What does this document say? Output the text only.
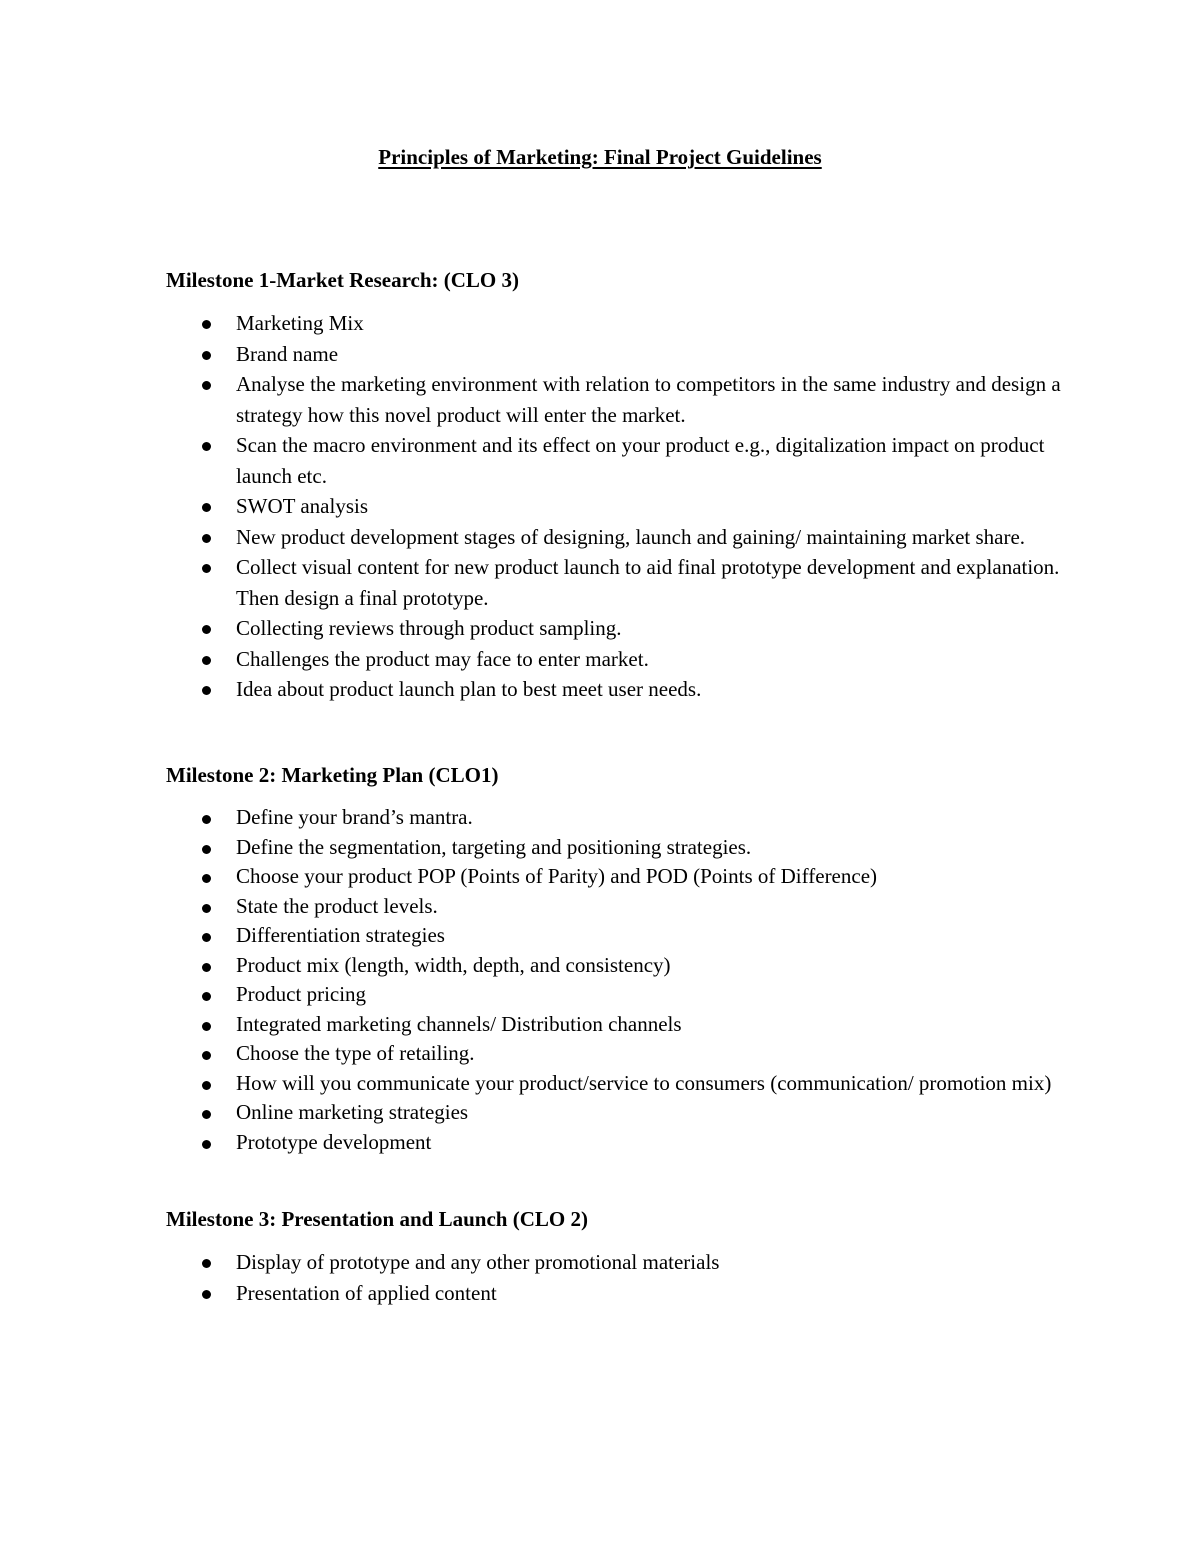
Principles of Marketing: Final Project Guidelines
Milestone 1-Market Research: (CLO 3)
Marketing Mix
Brand name
Analyse the marketing environment with relation to competitors in the same industry and design a strategy how this novel product will enter the market.
Scan the macro environment and its effect on your product e.g., digitalization impact on product launch etc.
SWOT analysis
New product development stages of designing, launch and gaining/ maintaining market share.
Collect visual content for new product launch to aid final prototype development and explanation. Then design a final prototype.
Collecting reviews through product sampling.
Challenges the product may face to enter market.
Idea about product launch plan to best meet user needs.
Milestone 2: Marketing Plan (CLO1)
Define your brand’s mantra.
Define the segmentation, targeting and positioning strategies.
Choose your product POP (Points of Parity) and POD (Points of Difference)
State the product levels.
Differentiation strategies
Product mix (length, width, depth, and consistency)
Product pricing
Integrated marketing channels/ Distribution channels
Choose the type of retailing.
How will you communicate your product/service to consumers (communication/ promotion mix)
Online marketing strategies
Prototype development
Milestone 3: Presentation and Launch (CLO 2)
Display of prototype and any other promotional materials
Presentation of applied content
